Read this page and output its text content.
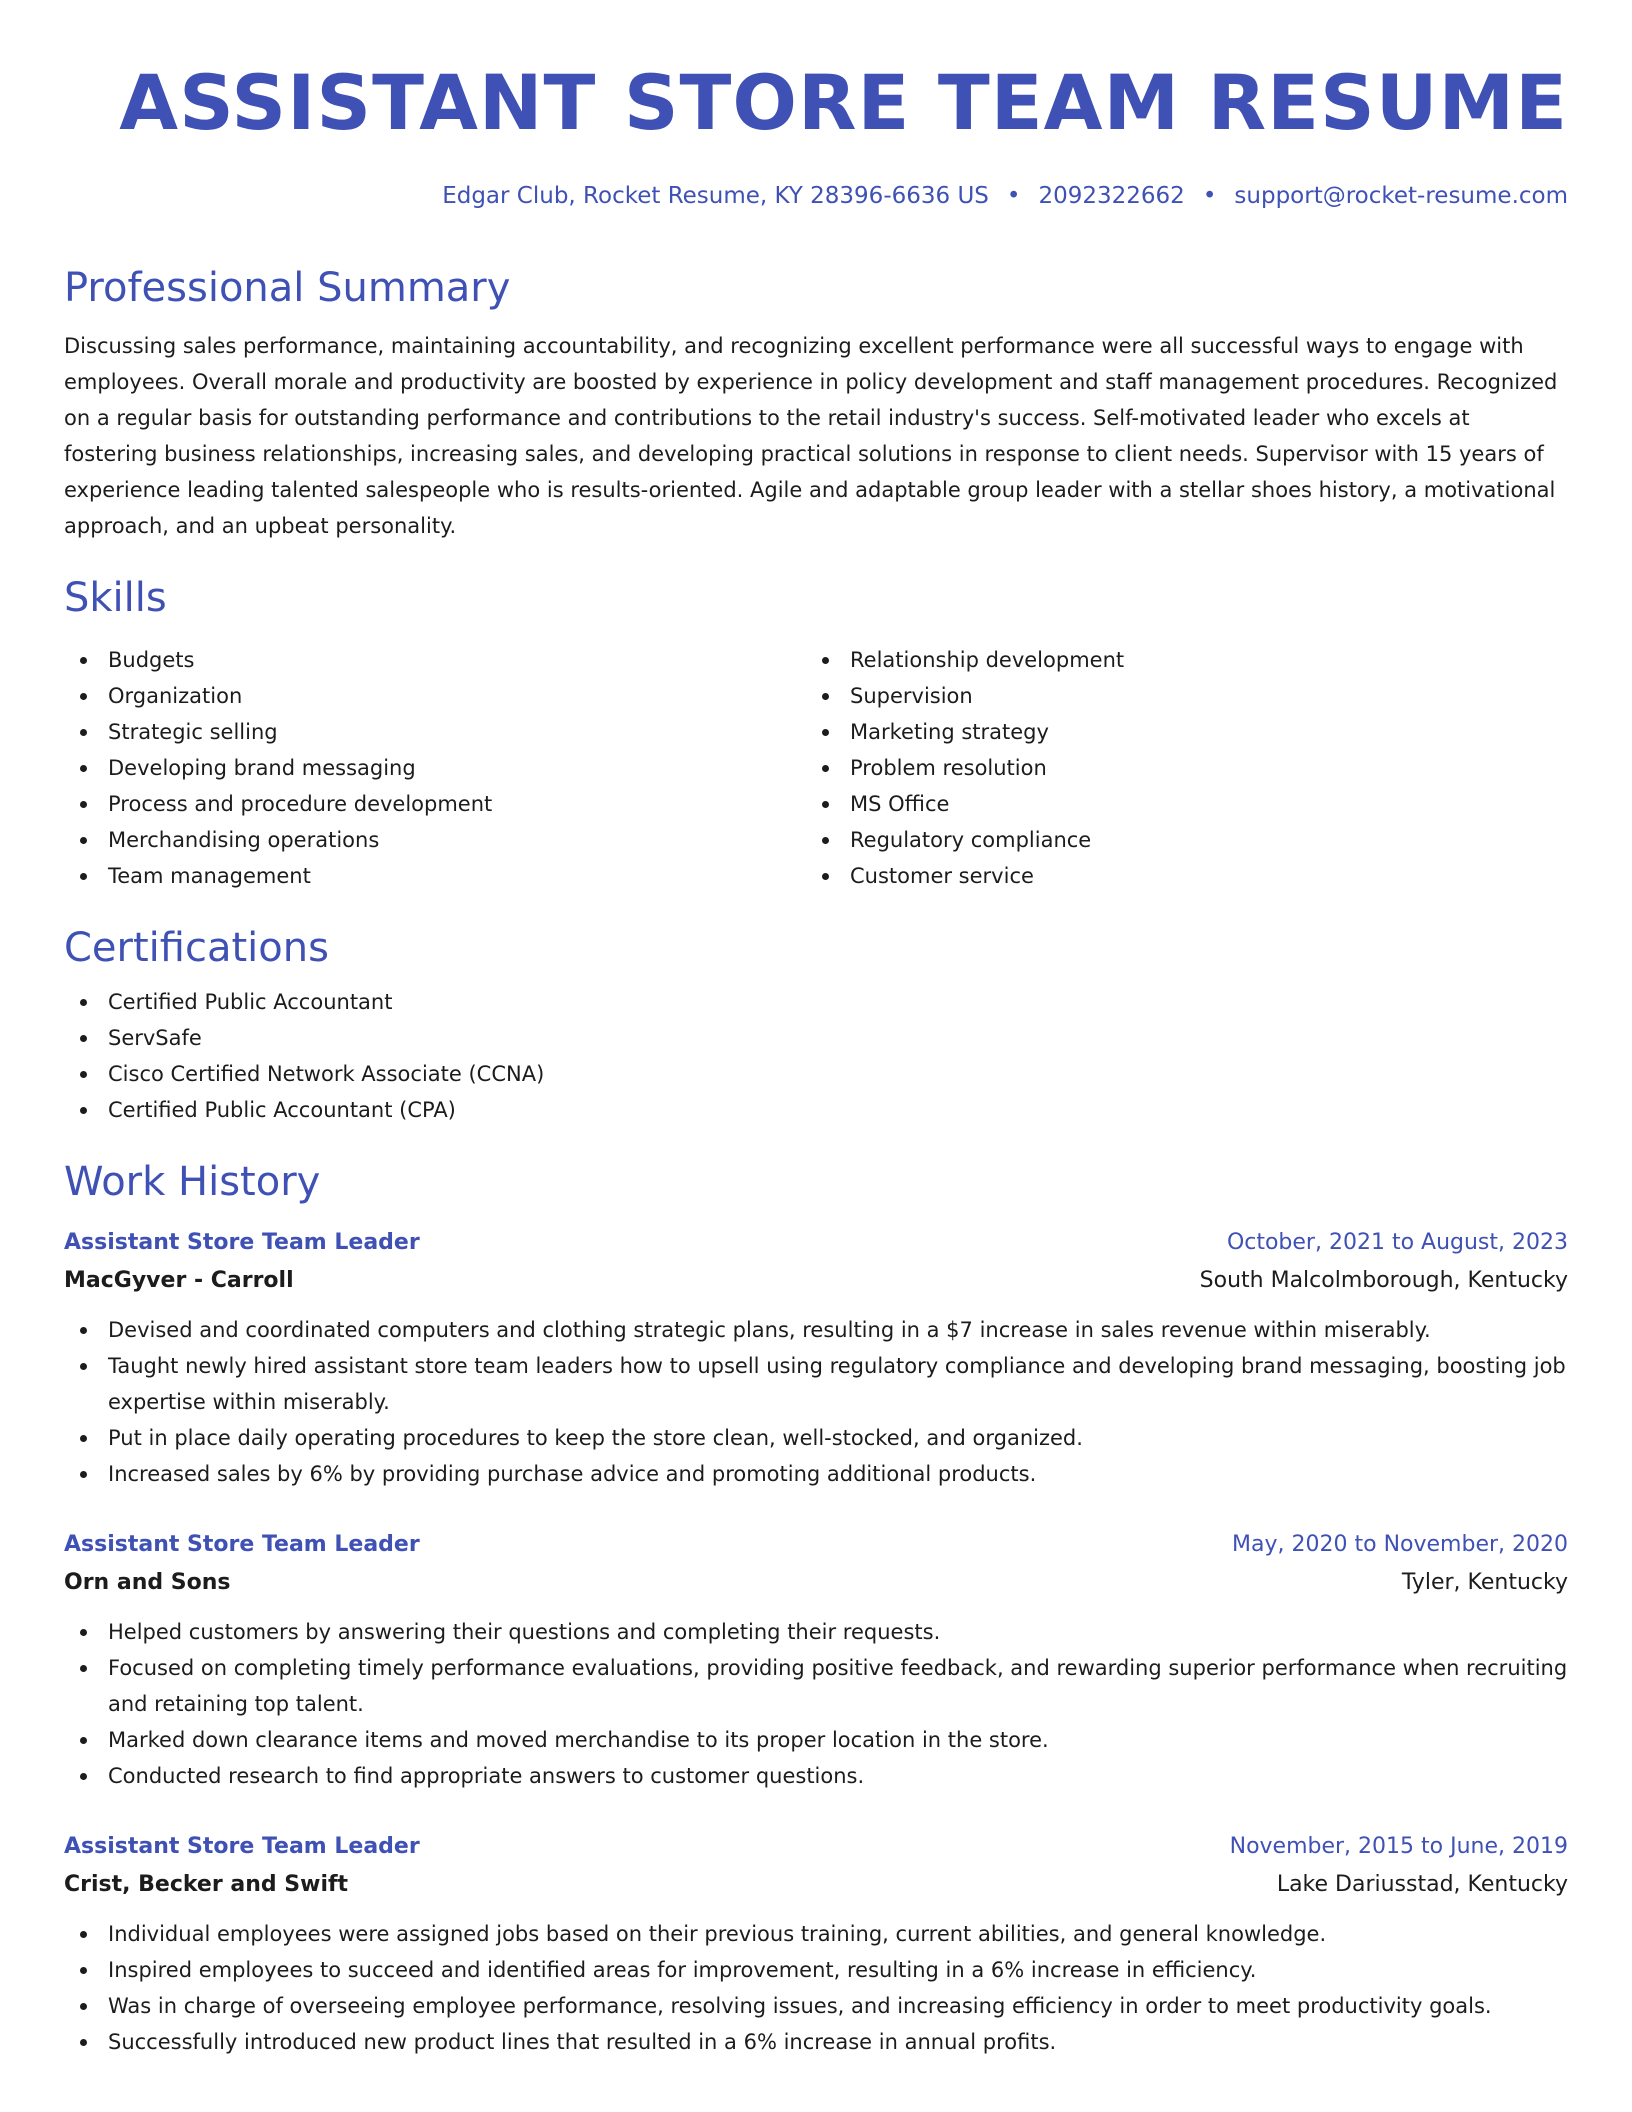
ASSISTANT STORE TEAM RESUME
Edgar Club, Rocket Resume, KY 28396-6636 US • 2092322662 • support@rocket-resume.com
Professional Summary

Discussing sales performance, maintaining accountability, and recognizing excellent performance were all successful ways to engage with employees. Overall morale and productivity are boosted by experience in policy development and staff management procedures. Recognized on a regular basis for outstanding performance and contributions to the retail industry's success. Self-motivated leader who excels at fostering business relationships, increasing sales, and developing practical solutions in response to client needs. Supervisor with 15 years of experience leading talented salespeople who is results-oriented. Agile and adaptable group leader with a stellar shoes history, a motivational approach, and an upbeat personality.

Skills
Budgets
Organization
Strategic selling
Developing brand messaging
Process and procedure development
Merchandising operations
Team management
Relationship development
Supervision
Marketing strategy
Problem resolution
MS Office
Regulatory compliance
Customer service
Certifications
Certified Public Accountant
ServSafe
Cisco Certified Network Associate (CCNA)
Certified Public Accountant (CPA)
Work History
Assistant Store Team Leader	October, 2021 to August, 2023
MacGyver - Carroll	South Malcolmborough, Kentucky
Devised and coordinated computers and clothing strategic plans, resulting in a $7 increase in sales revenue within miserably.
Taught newly hired assistant store team leaders how to upsell using regulatory compliance and developing brand messaging, boosting job expertise within miserably.
Put in place daily operating procedures to keep the store clean, well-stocked, and organized.
Increased sales by 6% by providing purchase advice and promoting additional products.
Assistant Store Team Leader	May, 2020 to November, 2020
Orn and Sons	Tyler, Kentucky
Helped customers by answering their questions and completing their requests.
Focused on completing timely performance evaluations, providing positive feedback, and rewarding superior performance when recruiting and retaining top talent.
Marked down clearance items and moved merchandise to its proper location in the store.
Conducted research to find appropriate answers to customer questions.
Assistant Store Team Leader	November, 2015 to June, 2019
Crist, Becker and Swift	Lake Dariusstad, Kentucky
Individual employees were assigned jobs based on their previous training, current abilities, and general knowledge.
Inspired employees to succeed and identified areas for improvement, resulting in a 6% increase in efficiency.
Was in charge of overseeing employee performance, resolving issues, and increasing efficiency in order to meet productivity goals.
Successfully introduced new product lines that resulted in a 6% increase in annual profits.
